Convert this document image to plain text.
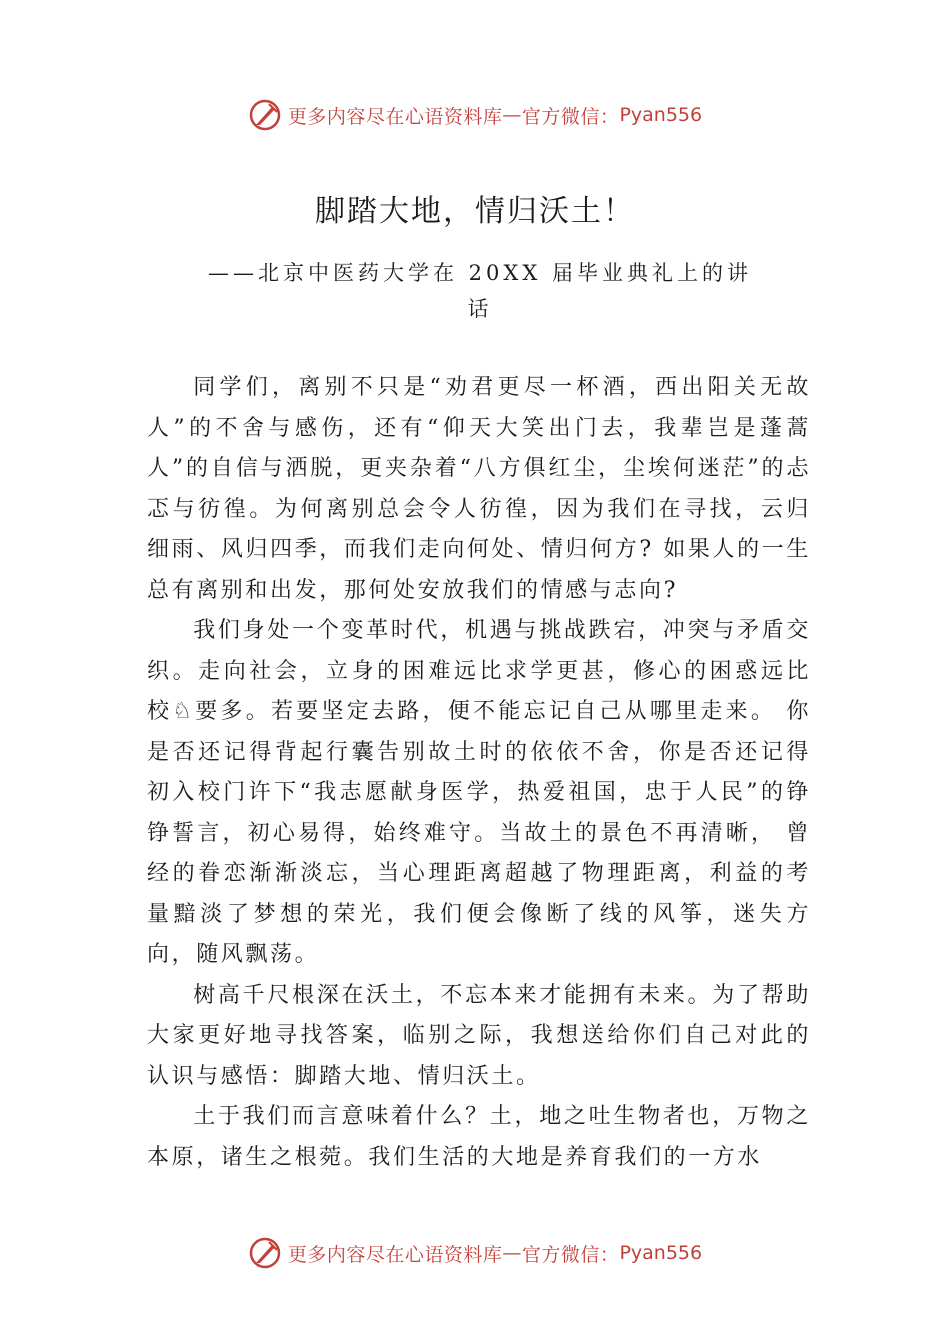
更多内容尽在心语资料库 — 官方微信： Pyan556
脚踏大地，情归沃土！
——北京中医药大学在 20XX 届毕业典礼上的讲话

同学们，离别不只是“劝君更尽一杯酒，西出阳关无故人”的不舍与感伤，还有“仰天大笑出门去，我辈岂是蓬蒿人”的自信与洒脱，更夹杂着“八方俱红尘，尘埃何迷茫”的忐忑与彷徨。为何离别总会令人彷徨，因为我们在寻找，云归细雨、风归四季，而我们走向何处、情归何方? 如果人的一生总有离别和出发，那何处安放我们的情感与志向?

我们身处一个变革时代，机遇与挑战跌宕，冲突与矛盾交织。走向社会，立身的困难远比求学更甚，修心的困惑远比校♘要多。若要坚定去路，便不能忘记自己从哪里走来。 你是否还记得背起行囊告别故土时的依依不舍，你是否还记得初入校门许下“我志愿献身医学，热爱祖国，忠于人民”的铮铮誓言，初心易得，始终难守。当故土的景色不再清晰， 曾经的眷恋渐渐淡忘，当心理距离超越了物理距离，利益的考量黯淡了梦想的荣光，我们便会像断了线的风筝，迷失方向，随风飘荡。

树高千尺根深在沃土，不忘本来才能拥有未来。为了帮助大家更好地寻找答案，临别之际，我想送给你们自己对此的认识与感悟：脚踏大地、情归沃土。

土于我们而言意味着什么？土，地之吐生物者也，万物之本原，诸生之根菀。我们生活的大地是养育我们的一方水

更多内容尽在心语资料库 — 官方微信： Pyan556
